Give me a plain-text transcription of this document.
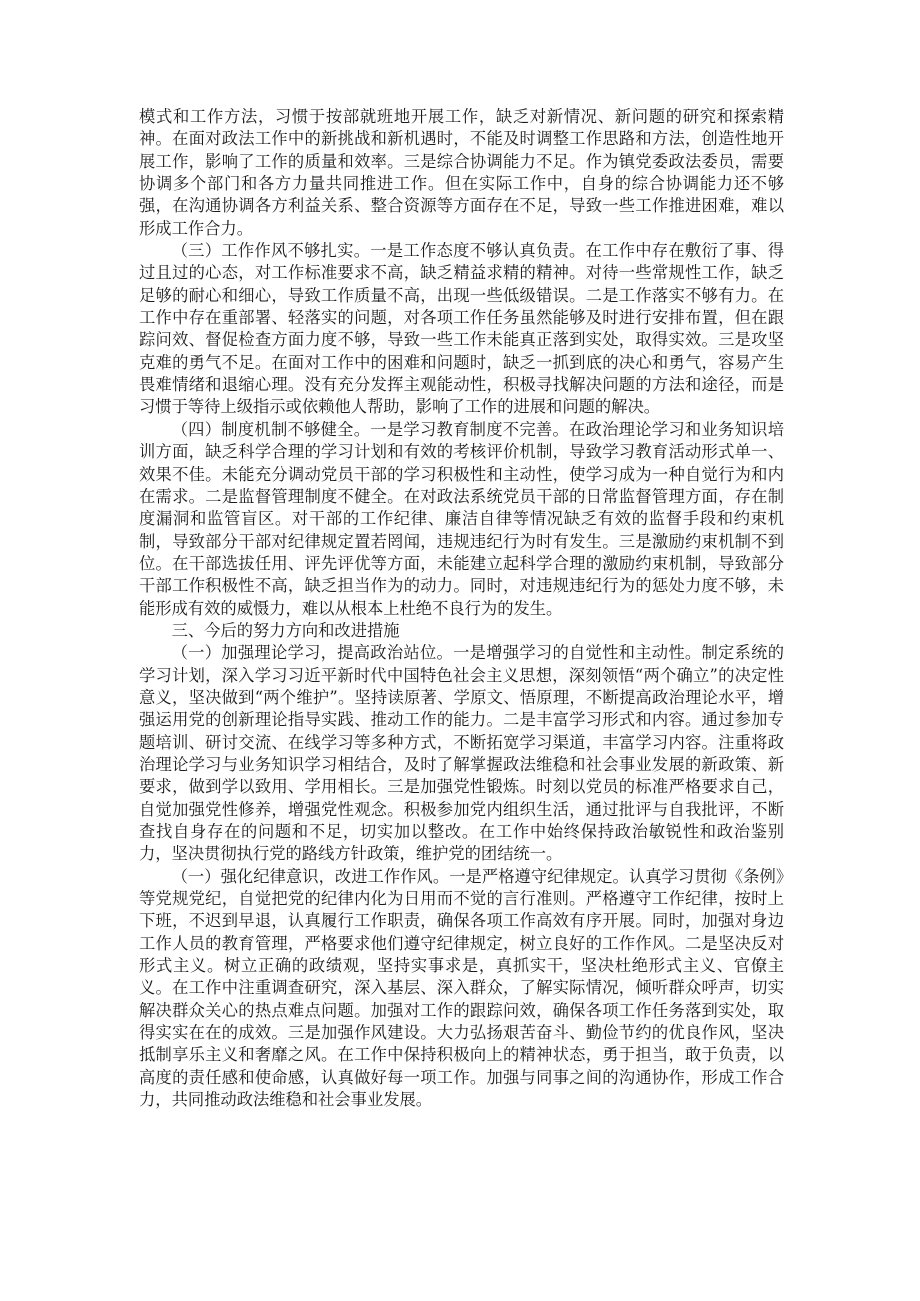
模式和工作方法，习惯于按部就班地开展工作，缺乏对新情况、新问题的研究和探索精神。在面对政法工作中的新挑战和新机遇时，不能及时调整工作思路和方法，创造性地开展工作，影响了工作的质量和效率。三是综合协调能力不足。作为镇党委政法委员，需要协调多个部门和各方力量共同推进工作。但在实际工作中，自身的综合协调能力还不够强，在沟通协调各方利益关系、整合资源等方面存在不足，导致一些工作推进困难，难以形成工作合力。

（三）工作作风不够扎实。一是工作态度不够认真负责。在工作中存在敷衍了事、得过且过的心态，对工作标准要求不高，缺乏精益求精的精神。对待一些常规性工作，缺乏足够的耐心和细心，导致工作质量不高，出现一些低级错误。二是工作落实不够有力。在工作中存在重部署、轻落实的问题，对各项工作任务虽然能够及时进行安排布置，但在跟踪问效、督促检查方面力度不够，导致一些工作未能真正落到实处，取得实效。三是攻坚克难的勇气不足。在面对工作中的困难和问题时，缺乏一抓到底的决心和勇气，容易产生畏难情绪和退缩心理。没有充分发挥主观能动性，积极寻找解决问题的方法和途径，而是习惯于等待上级指示或依赖他人帮助，影响了工作的进展和问题的解决。

（四）制度机制不够健全。一是学习教育制度不完善。在政治理论学习和业务知识培训方面，缺乏科学合理的学习计划和有效的考核评价机制，导致学习教育活动形式单一、效果不佳。未能充分调动党员干部的学习积极性和主动性，使学习成为一种自觉行为和内在需求。二是监督管理制度不健全。在对政法系统党员干部的日常监督管理方面，存在制度漏洞和监管盲区。对干部的工作纪律、廉洁自律等情况缺乏有效的监督手段和约束机制，导致部分干部对纪律规定置若罔闻，违规违纪行为时有发生。三是激励约束机制不到位。在干部选拔任用、评先评优等方面，未能建立起科学合理的激励约束机制，导致部分干部工作积极性不高，缺乏担当作为的动力。同时，对违规违纪行为的惩处力度不够，未能形成有效的威慑力，难以从根本上杜绝不良行为的发生。

三、今后的努力方向和改进措施

（一）加强理论学习，提高政治站位。一是增强学习的自觉性和主动性。制定系统的学习计划，深入学习习近平新时代中国特色社会主义思想，深刻领悟“两个确立”的决定性意义，坚决做到“两个维护”。坚持读原著、学原文、悟原理，不断提高政治理论水平，增强运用党的创新理论指导实践、推动工作的能力。二是丰富学习形式和内容。通过参加专题培训、研讨交流、在线学习等多种方式，不断拓宽学习渠道，丰富学习内容。注重将政治理论学习与业务知识学习相结合，及时了解掌握政法维稳和社会事业发展的新政策、新要求，做到学以致用、学用相长。三是加强党性锻炼。时刻以党员的标准严格要求自己，自觉加强党性修养，增强党性观念。积极参加党内组织生活，通过批评与自我批评，不断查找自身存在的问题和不足，切实加以整改。在工作中始终保持政治敏锐性和政治鉴别力，坚决贯彻执行党的路线方针政策，维护党的团结统一。

（一）强化纪律意识，改进工作作风。一是严格遵守纪律规定。认真学习贯彻《条例》等党规党纪，自觉把党的纪律内化为日用而不觉的言行准则。严格遵守工作纪律，按时上下班，不迟到早退，认真履行工作职责，确保各项工作高效有序开展。同时，加强对身边工作人员的教育管理，严格要求他们遵守纪律规定，树立良好的工作作风。二是坚决反对形式主义。树立正确的政绩观，坚持实事求是，真抓实干，坚决杜绝形式主义、官僚主义。在工作中注重调查研究，深入基层、深入群众，了解实际情况，倾听群众呼声，切实解决群众关心的热点难点问题。加强对工作的跟踪问效，确保各项工作任务落到实处，取得实实在在的成效。三是加强作风建设。大力弘扬艰苦奋斗、勤俭节约的优良作风，坚决抵制享乐主义和奢靡之风。在工作中保持积极向上的精神状态，勇于担当，敢于负责，以高度的责任感和使命感，认真做好每一项工作。加强与同事之间的沟通协作，形成工作合力，共同推动政法维稳和社会事业发展。
